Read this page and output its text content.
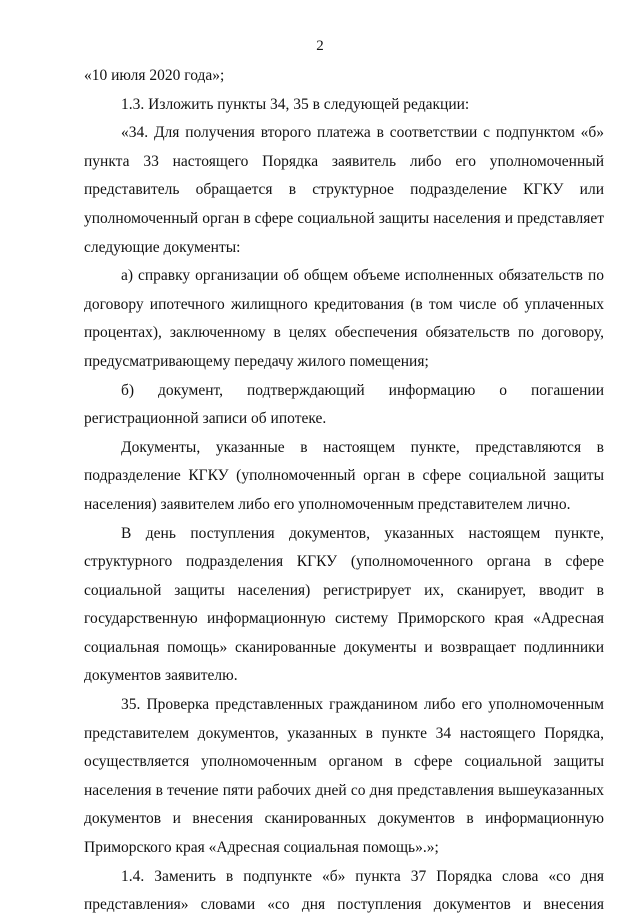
2
«10 июля 2020 года»;
1.3. Изложить пункты 34, 35 в следующей редакции:
«34. Для получения второго платежа в соответствии с подпунктом «б»
пункта 33 настоящего Порядка заявитель либо его уполномоченный
представитель обращается в структурное подразделение КГКУ или
уполномоченный орган в сфере социальной защиты населения и представляет
следующие документы:
а) справку организации об общем объеме исполненных обязательств по
договору ипотечного жилищного кредитования (в том числе об уплаченных
процентах), заключенному в целях обеспечения обязательств по договору,
предусматривающему передачу жилого помещения;
б) документ, подтверждающий информацию о погашении
регистрационной записи об ипотеке.
Документы, указанные в настоящем пункте, представляются в
подразделение КГКУ (уполномоченный орган в сфере социальной защиты
населения) заявителем либо его уполномоченным представителем лично.
В день поступления документов, указанных настоящем пункте,
структурного подразделения КГКУ (уполномоченного органа в сфере
социальной защиты населения) регистрирует их, сканирует, вводит в
государственную информационную систему Приморского края «Адресная
социальная помощь» сканированные документы и возвращает подлинники
документов заявителю.
35. Проверка представленных гражданином либо его уполномоченным
представителем документов, указанных в пункте 34 настоящего Порядка,
осуществляется уполномоченным органом в сфере социальной защиты
населения в течение пяти рабочих дней со дня представления вышеуказанных
документов и внесения сканированных документов в информационную
Приморского края «Адресная социальная помощь».»;
1.4. Заменить в подпункте «б» пункта 37 Порядка слова «со дня
представления» словами «со дня поступления документов и внесения
